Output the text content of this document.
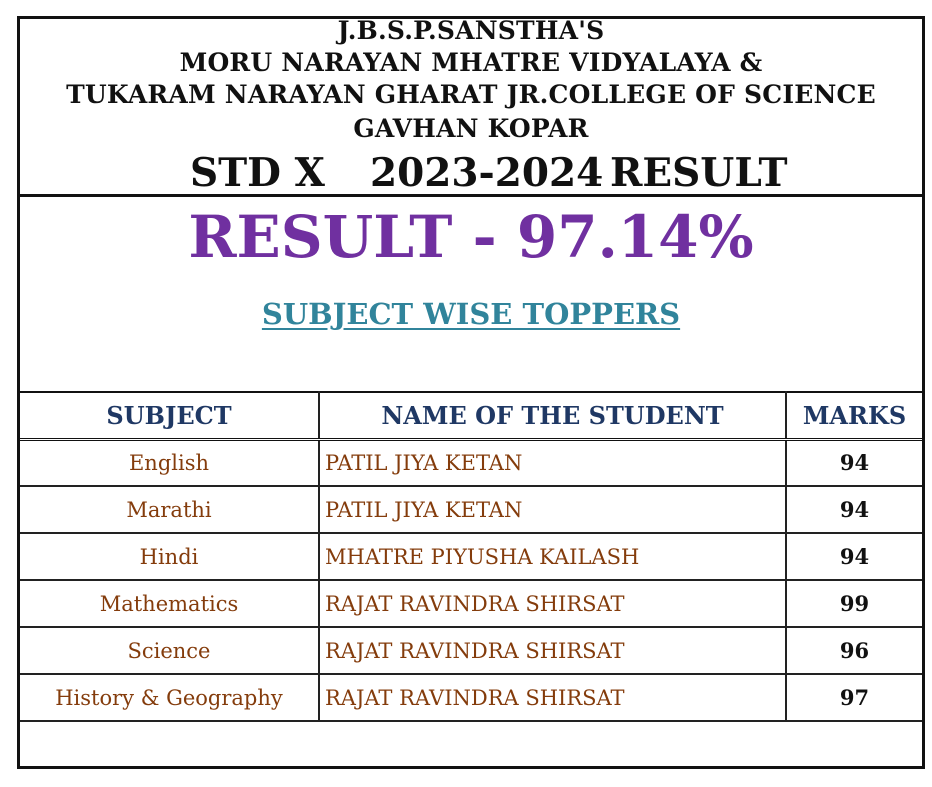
J.B.S.P.SANSTHA'S
MORU NARAYAN MHATRE VIDYALAYA &
TUKARAM NARAYAN GHARAT JR.COLLEGE OF SCIENCE
GAVHAN KOPAR
STD X 2023-2024 RESULT
RESULT - 97.14%
SUBJECT WISE TOPPERS
SUBJECT	NAME OF THE STUDENT	MARKS
English	PATIL JIYA KETAN	94
Marathi	PATIL JIYA KETAN	94
Hindi	MHATRE PIYUSHA KAILASH	94
Mathematics	RAJAT RAVINDRA SHIRSAT	99
Science	RAJAT RAVINDRA SHIRSAT	96
History & Geography	RAJAT RAVINDRA SHIRSAT	97
